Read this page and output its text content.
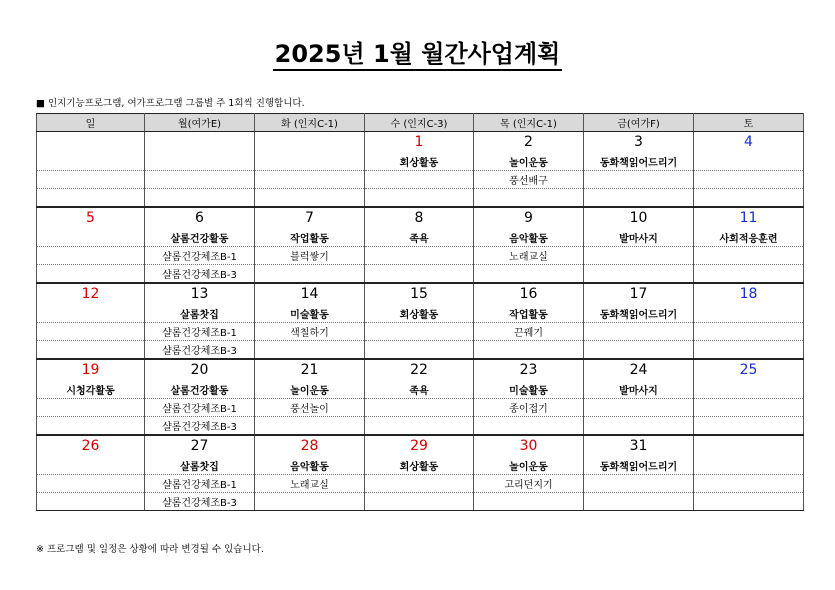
2025년 1월 월간사업계획
■ 인지기능프로그램, 여가프로그램 그룹별 주 1회씩 진행합니다.
일	월(여가E)	화 (인지C-1)	수 (인지C-3)	목 (인지C-1)	금(여가F)	토
			1	2	3	4
			회상활동	놀이운동	동화책읽어드리기	
				풍선배구		

5	6	7	8	9	10	11
	살롬건강활동	작업활동	족욕	음악활동	발마사지	사회적응훈련
	샬롬건강체조B-1	블럭쌓기		노래교실		
	샬롬건강체조B-3					
12	13	14	15	16	17	18
	살롬찻집	미술활동	회상활동	작업활동	동화책읽어드리기	
	샬롬건강체조B-1	색칠하기		끈꿰기		
	샬롬건강체조B-3					
19	20	21	22	23	24	25
시청각활동	살롬건강활동	놀이운동	족욕	미술활동	발마사지	
	샬롬건강체조B-1	풍선놀이		종이접기		
	샬롬건강체조B-3					
26	27	28	29	30	31	
	살롬찻집	음악활동	회상활동	놀이운동	동화책읽어드리기	
	샬롬건강체조B-1	노래교실		고리던지기		
	샬롬건강체조B-3					
※ 프로그램 및 일정은 상황에 따라 변경될 수 있습니다.
